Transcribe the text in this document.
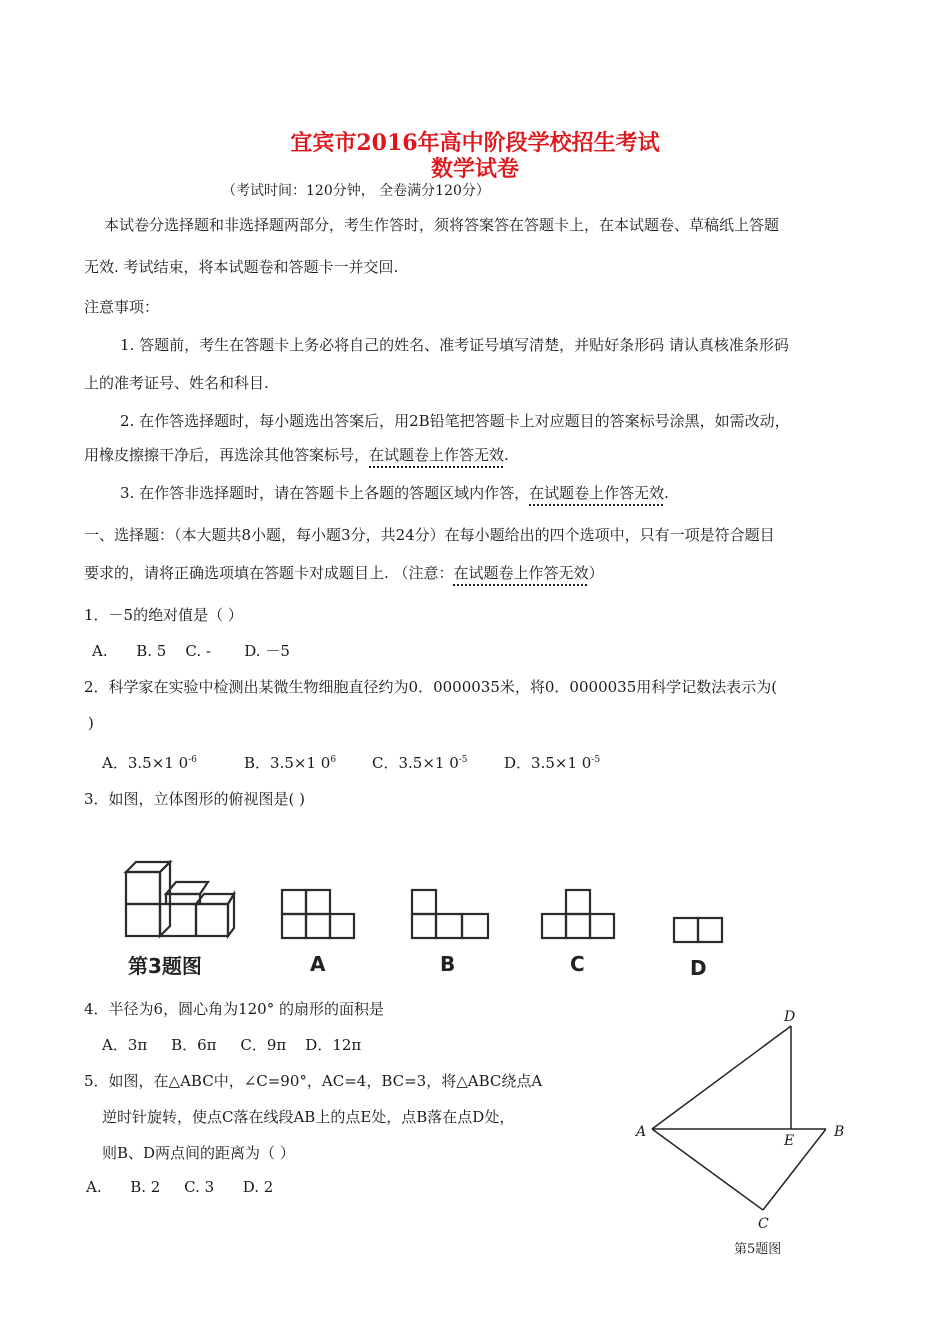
宜宾市2016年高中阶段学校招生考试
数学试卷
（考试时间：120分钟， 全卷满分120分）
本试卷分选择题和非选择题两部分，考生作答时，须将答案答在答题卡上，在本试题卷、草稿纸上答题
无效. 考试结束，将本试题卷和答题卡一并交回.
注意事项：
1. 答题前，考生在答题卡上务必将自己的姓名、准考证号填写清楚，并贴好条形码 请认真核准条形码
上的准考证号、姓名和科目.
2. 在作答选择题时，每小题选出答案后，用2B铅笔把答题卡上对应题目的答案标号涂黑，如需改动，
用橡皮擦擦干净后，再选涂其他答案标号，在试题卷上作答无效.
3. 在作答非选择题时，请在答题卡上各题的答题区域内作答，在试题卷上作答无效.
一、选择题：（本大题共8小题，每小题3分，共24分）在每小题给出的四个选项中，只有一项是符合题目
要求的，请将正确选项填在答题卡对成题目上. （注意：在试题卷上作答无效）
1．－5的绝对值是（ ）
A.      B. 5    C. -       D. －5
2．科学家在实验中检测出某微生物细胞直径约为0．0000035米，将0．0000035用科学记数法表示为(
)
A．3.5×1 $0^{-6}$	B．3.5×1 $0^6$ C．3.5×1 $0^{-5}$ D．3.5×1 $0^{-5}$
3．如图，立体图形的俯视图是( )
第3题图	A	B	C	D
4．半径为6，圆心角为120° 的扇形的面积是
A．3π     B．6π     C．9π    D．12π
5．如图，在△ABC中，∠C=90°，AC=4，BC=3，将△ABC绕点A
逆时针旋转，使点C落在线段AB上的点E处，点B落在点D处，
则B、D两点间的距离为（ ）
A.      B. 2     C. 3      D. 2
D
A
E
B
C
第5题图
